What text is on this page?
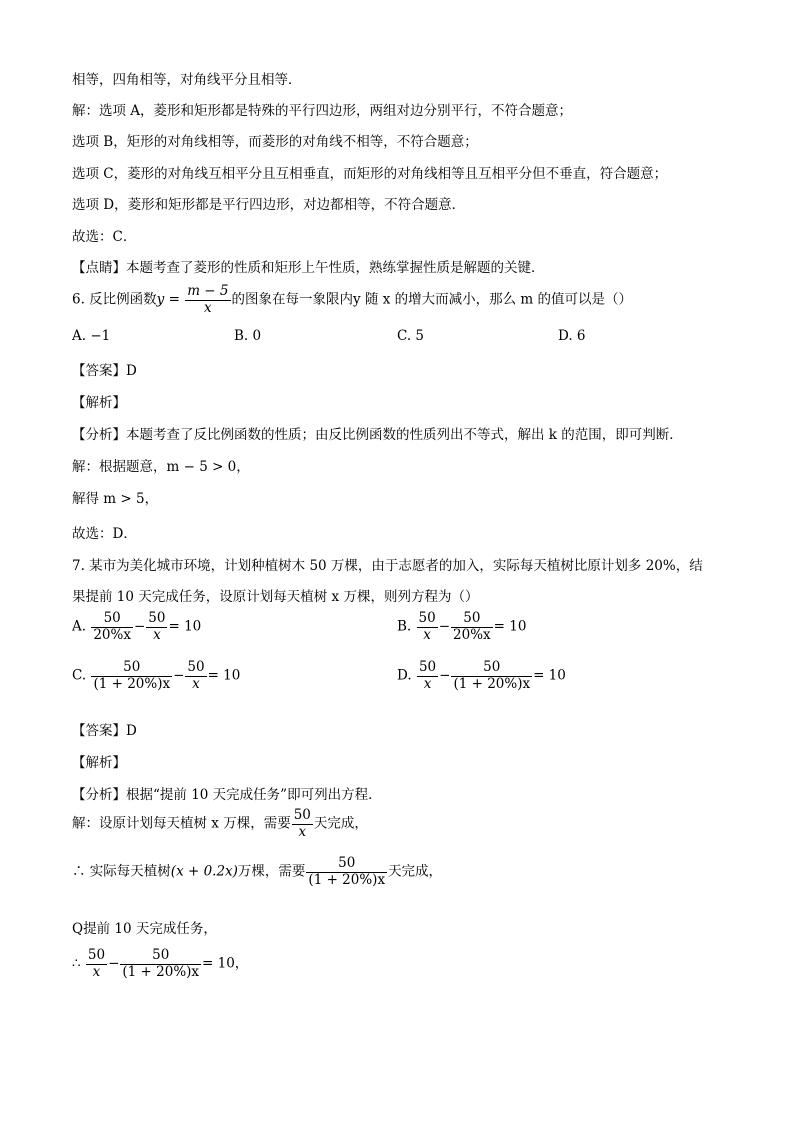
相等，四角相等，对角线平分且相等．
解：选项 A，菱形和矩形都是特殊的平行四边形，两组对边分别平行，不符合题意；
选项 B，矩形的对角线相等，而菱形的对角线不相等，不符合题意；
选项 C，菱形的对角线互相平分且互相垂直，而矩形的对角线相等且互相平分但不垂直，符合题意；
选项 D，菱形和矩形都是平行四边形，对边都相等，不符合题意．
故选：C．
【点睛】本题考查了菱形的性质和矩形上午性质，熟练掌握性质是解题的关键．
6. 反比例函数$y = \frac{m - 5}{x}$ 的图象在每一象限内y 随 x 的增大而减小，那么 m 的值可以是（）
A. −1	B. 0	C. 5	D. 6
【答案】D
【解析】
【分析】本题考查了反比例函数的性质；由反比例函数的性质列出不等式，解出 k 的范围，即可判断．
解：根据题意，m − 5 > 0，
解得 m > 5，
故选：D．
7. 某市为美化城市环境，计划种植树木 50 万棵，由于志愿者的加入，实际每天植树比原计划多 20%，结
果提前 10 天完成任务，设原计划每天植树 x 万棵，则列方程为（）
A. $\frac{50}{20\%x} - \frac{50}{x} = 10$	B. $\frac{50}{x} - \frac{50}{20\%x} = 10$
C. $\frac{50}{(1 + 20\%)x} - \frac{50}{x} = 10$	D. $\frac{50}{x} - \frac{50}{(1 + 20\%)x} = 10$
【答案】D
【解析】
【分析】根据“提前 10 天完成任务”即可列出方程．
解：设原计划每天植树 x 万棵，需要 $\frac{50}{x}$ 天完成，
∴ 实际每天植树(x + 0.2x)万棵，需要 $\frac{50}{(1 + 20\%)x}$ 天完成，
Q提前 10 天完成任务，
∴ $\frac{50}{x} - \frac{50}{(1 + 20\%)x} = 10$，
